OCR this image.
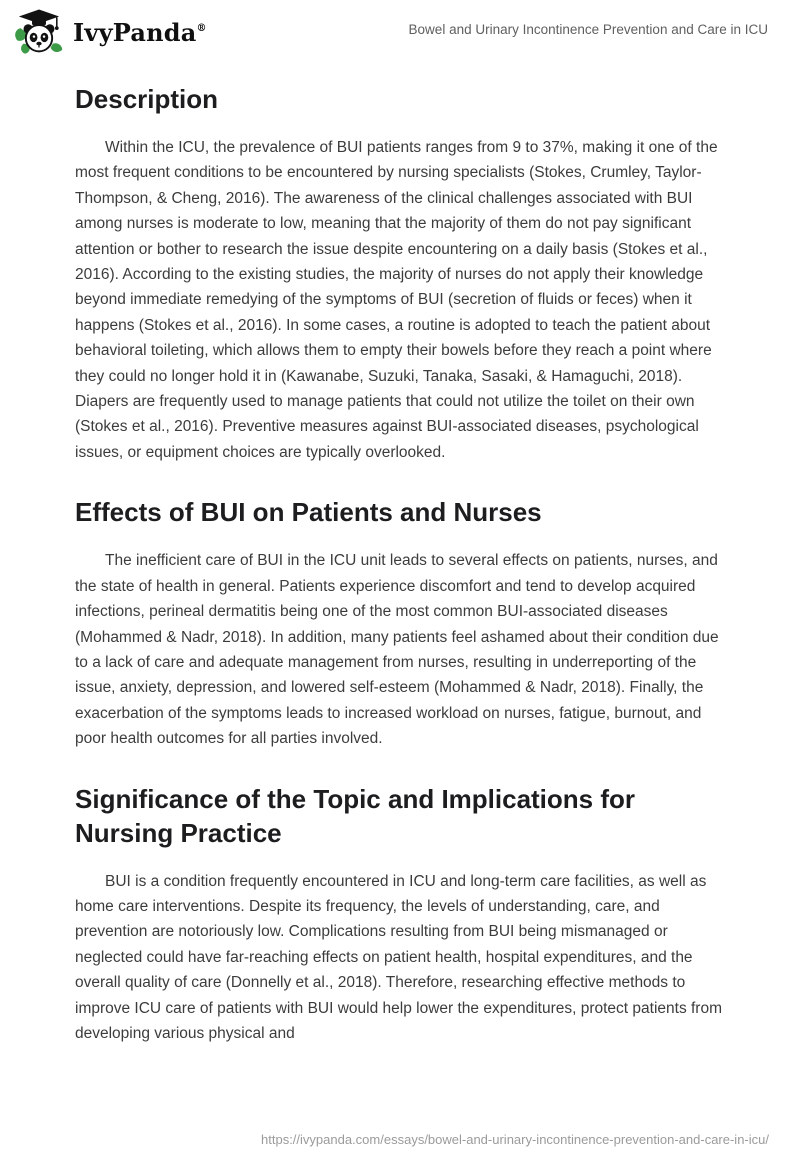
IvyPanda®	Bowel and Urinary Incontinence Prevention and Care in ICU
Description

Within the ICU, the prevalence of BUI patients ranges from 9 to 37%, making it one of the most frequent conditions to be encountered by nursing specialists (Stokes, Crumley, Taylor-Thompson, & Cheng, 2016). The awareness of the clinical challenges associated with BUI among nurses is moderate to low, meaning that the majority of them do not pay significant attention or bother to research the issue despite encountering on a daily basis (Stokes et al., 2016). According to the existing studies, the majority of nurses do not apply their knowledge beyond immediate remedying of the symptoms of BUI (secretion of fluids or feces) when it happens (Stokes et al., 2016). In some cases, a routine is adopted to teach the patient about behavioral toileting, which allows them to empty their bowels before they reach a point where they could no longer hold it in (Kawanabe, Suzuki, Tanaka, Sasaki, & Hamaguchi, 2018). Diapers are frequently used to manage patients that could not utilize the toilet on their own (Stokes et al., 2016). Preventive measures against BUI-associated diseases, psychological issues, or equipment choices are typically overlooked.

Effects of BUI on Patients and Nurses

The inefficient care of BUI in the ICU unit leads to several effects on patients, nurses, and the state of health in general. Patients experience discomfort and tend to develop acquired infections, perineal dermatitis being one of the most common BUI-associated diseases (Mohammed & Nadr, 2018). In addition, many patients feel ashamed about their condition due to a lack of care and adequate management from nurses, resulting in underreporting of the issue, anxiety, depression, and lowered self-esteem (Mohammed & Nadr, 2018). Finally, the exacerbation of the symptoms leads to increased workload on nurses, fatigue, burnout, and poor health outcomes for all parties involved.

Significance of the Topic and Implications for Nursing Practice

BUI is a condition frequently encountered in ICU and long-term care facilities, as well as home care interventions. Despite its frequency, the levels of understanding, care, and prevention are notoriously low. Complications resulting from BUI being mismanaged or neglected could have far-reaching effects on patient health, hospital expenditures, and the overall quality of care (Donnelly et al., 2018). Therefore, researching effective methods to improve ICU care of patients with BUI would help lower the expenditures, protect patients from developing various physical and

https://ivypanda.com/essays/bowel-and-urinary-incontinence-prevention-and-care-in-icu/
